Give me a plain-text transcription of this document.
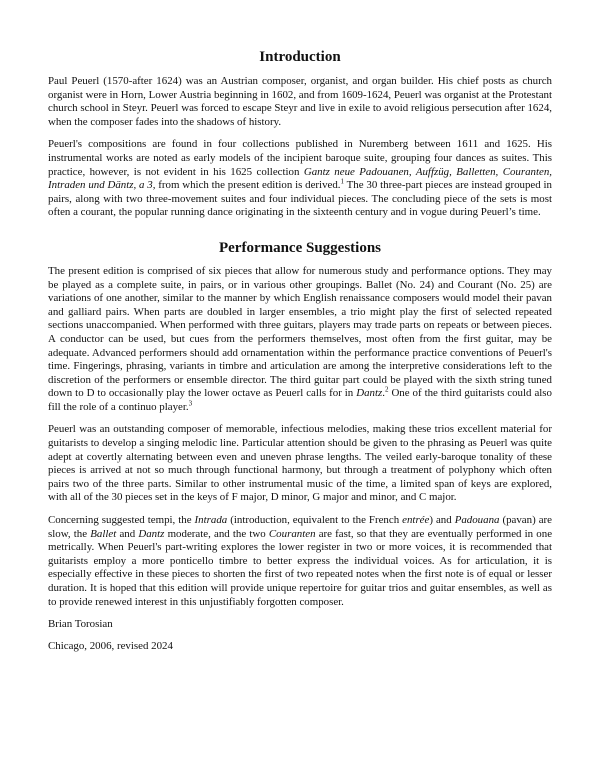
Introduction

Paul Peuerl (1570-after 1624) was an Austrian composer, organist, and organ builder. His chief posts as church organist were in Horn, Lower Austria beginning in 1602, and from 1609-1624, Peuerl was organist at the Protestant church school in Steyr. Peuerl was forced to escape Steyr and live in exile to avoid religious persecution after 1624, when the composer fades into the shadows of history.

Peuerl's compositions are found in four collections published in Nuremberg between 1611 and 1625. His instrumental works are noted as early models of the incipient baroque suite, grouping four dances as suites. This practice, however, is not evident in his 1625 collection Gantz neue Padouanen, Auffzüg, Balletten, Couranten, Intraden und Däntz, a 3, from which the present edition is derived.$^1$ The 30 three-part pieces are instead grouped in pairs, along with two three-movement suites and four individual pieces. The concluding piece of the sets is most often a courant, the popular running dance originating in the sixteenth century and in vogue during Peuerl’s time.

Performance Suggestions

The present edition is comprised of six pieces that allow for numerous study and performance options. They may be played as a complete suite, in pairs, or in various other groupings. Ballet (No. 24) and Courant (No. 25) are variations of one another, similar to the manner by which English renaissance composers would model their pavan and galliard pairs. When parts are doubled in larger ensembles, a trio might play the first of selected repeated sections unaccompanied. When performed with three guitars, players may trade parts on repeats or between pieces. A conductor can be used, but cues from the performers themselves, most often from the first guitar, may be adequate. Advanced performers should add ornamentation within the performance practice conventions of Peuerl's time. Fingerings, phrasing, variants in timbre and articulation are among the interpretive considerations left to the discretion of the performers or ensemble director. The third guitar part could be played with the sixth string tuned down to D to occasionally play the lower octave as Peuerl calls for in Dantz.$^2$ One of the third guitarists could also fill the role of a continuo player.$^3$

Peuerl was an outstanding composer of memorable, infectious melodies, making these trios excellent material for guitarists to develop a singing melodic line. Particular attention should be given to the phrasing as Peuerl was quite adept at covertly alternating between even and uneven phrase lengths. The veiled early-baroque tonality of these pieces is arrived at not so much through functional harmony, but through a treatment of polyphony which often pairs two of the three parts. Similar to other instrumental music of the time, a limited span of keys are explored, with all of the 30 pieces set in the keys of F major, D minor, G major and minor, and C major.

Concerning suggested tempi, the Intrada (introduction, equivalent to the French entrée) and Padouana (pavan) are slow, the Ballet and Dantz moderate, and the two Couranten are fast, so that they are eventually performed in one metrically. When Peuerl's part-writing explores the lower register in two or more voices, it is recommended that guitarists employ a more ponticello timbre to better express the individual voices. As for articulation, it is especially effective in these pieces to shorten the first of two repeated notes when the first note is of equal or lesser duration. It is hoped that this edition will provide unique repertoire for guitar trios and guitar ensembles, as well as to provide renewed interest in this unjustifiably forgotten composer.

Brian Torosian

Chicago, 2006, revised 2024
